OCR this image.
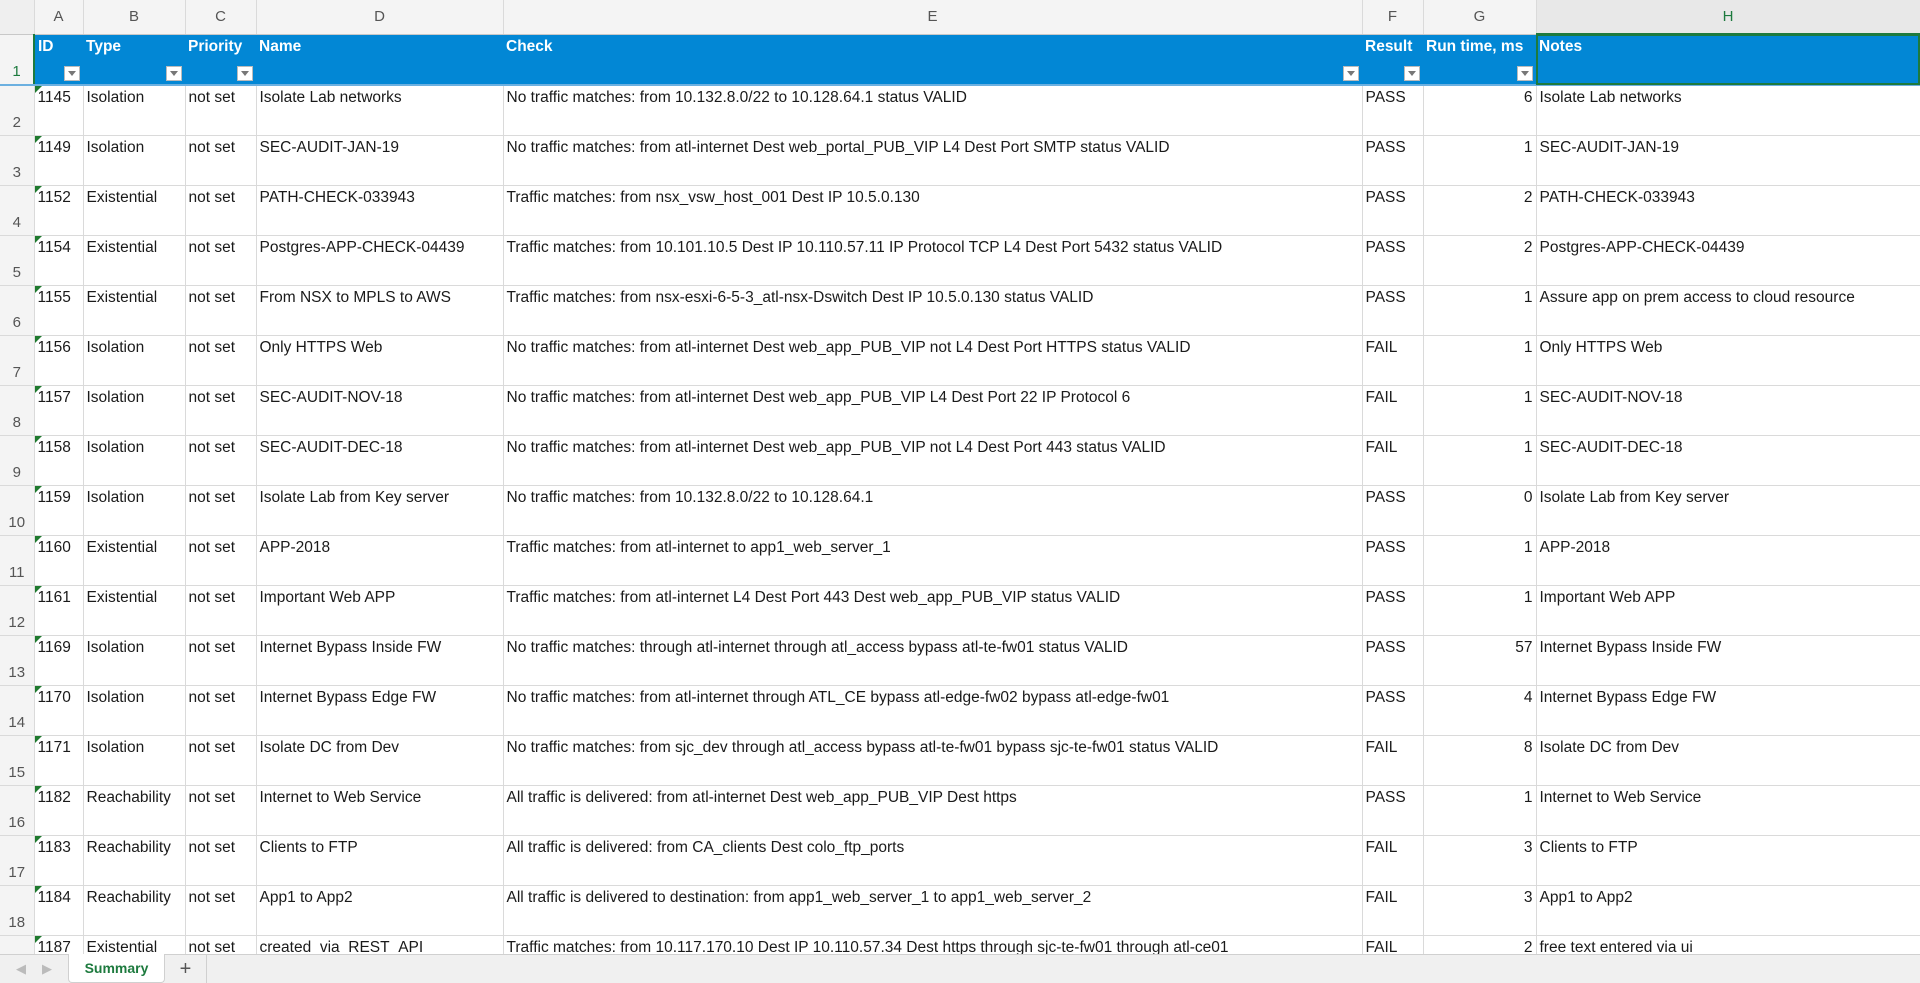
	A	B	C	D	E	F	G	H
1	ID	Type	Priority	Name	Check	Result	Run time, ms	Notes
2	1145	Isolation	not set	Isolate Lab networks	No traffic matches: from 10.132.8.0/22 to 10.128.64.1 status VALID	PASS	6	Isolate Lab networks
3	1149	Isolation	not set	SEC-AUDIT-JAN-19	No traffic matches: from atl-internet Dest web_portal_PUB_VIP L4 Dest Port SMTP status VALID	PASS	1	SEC-AUDIT-JAN-19
4	1152	Existential	not set	PATH-CHECK-033943	Traffic matches: from nsx_vsw_host_001 Dest IP 10.5.0.130	PASS	2	PATH-CHECK-033943
5	1154	Existential	not set	Postgres-APP-CHECK-04439	Traffic matches: from 10.101.10.5 Dest IP 10.110.57.11 IP Protocol TCP L4 Dest Port 5432 status VALID	PASS	2	Postgres-APP-CHECK-04439
6	1155	Existential	not set	From NSX to MPLS to AWS	Traffic matches: from nsx-esxi-6-5-3_atl-nsx-Dswitch Dest IP 10.5.0.130 status VALID	PASS	1	Assure app on prem access to cloud resource
7	1156	Isolation	not set	Only HTTPS Web	No traffic matches: from atl-internet Dest web_app_PUB_VIP not L4 Dest Port HTTPS status VALID	FAIL	1	Only HTTPS Web
8	1157	Isolation	not set	SEC-AUDIT-NOV-18	No traffic matches: from atl-internet Dest web_app_PUB_VIP L4 Dest Port 22 IP Protocol 6	FAIL	1	SEC-AUDIT-NOV-18
9	1158	Isolation	not set	SEC-AUDIT-DEC-18	No traffic matches: from atl-internet Dest web_app_PUB_VIP not L4 Dest Port 443 status VALID	FAIL	1	SEC-AUDIT-DEC-18
10	1159	Isolation	not set	Isolate Lab from Key server	No traffic matches: from 10.132.8.0/22 to 10.128.64.1	PASS	0	Isolate Lab from Key server
11	1160	Existential	not set	APP-2018	Traffic matches: from atl-internet to app1_web_server_1	PASS	1	APP-2018
12	1161	Existential	not set	Important Web APP	Traffic matches: from atl-internet L4 Dest Port 443 Dest web_app_PUB_VIP status VALID	PASS	1	Important Web APP
13	1169	Isolation	not set	Internet Bypass Inside FW	No traffic matches: through atl-internet through atl_access bypass atl-te-fw01 status VALID	PASS	57	Internet Bypass Inside FW
14	1170	Isolation	not set	Internet Bypass Edge FW	No traffic matches: from atl-internet through ATL_CE bypass atl-edge-fw02 bypass atl-edge-fw01	PASS	4	Internet Bypass Edge FW
15	1171	Isolation	not set	Isolate DC from Dev	No traffic matches: from sjc_dev through atl_access bypass atl-te-fw01 bypass sjc-te-fw01 status VALID	FAIL	8	Isolate DC from Dev
16	1182	Reachability	not set	Internet to Web Service	All traffic is delivered: from atl-internet Dest web_app_PUB_VIP Dest https	PASS	1	Internet to Web Service
17	1183	Reachability	not set	Clients to FTP	All traffic is delivered: from CA_clients Dest colo_ftp_ports	FAIL	3	Clients to FTP
18	1184	Reachability	not set	App1 to App2	All traffic is delivered to destination: from app1_web_server_1 to app1_web_server_2	FAIL	3	App1 to App2
	1187	Existential	not set	created_via_REST_API	Traffic matches: from 10.117.170.10 Dest IP 10.110.57.34 Dest https through sjc-te-fw01 through atl-ce01	FAIL	2	free text entered via ui
◀ ▶	Summary	+
